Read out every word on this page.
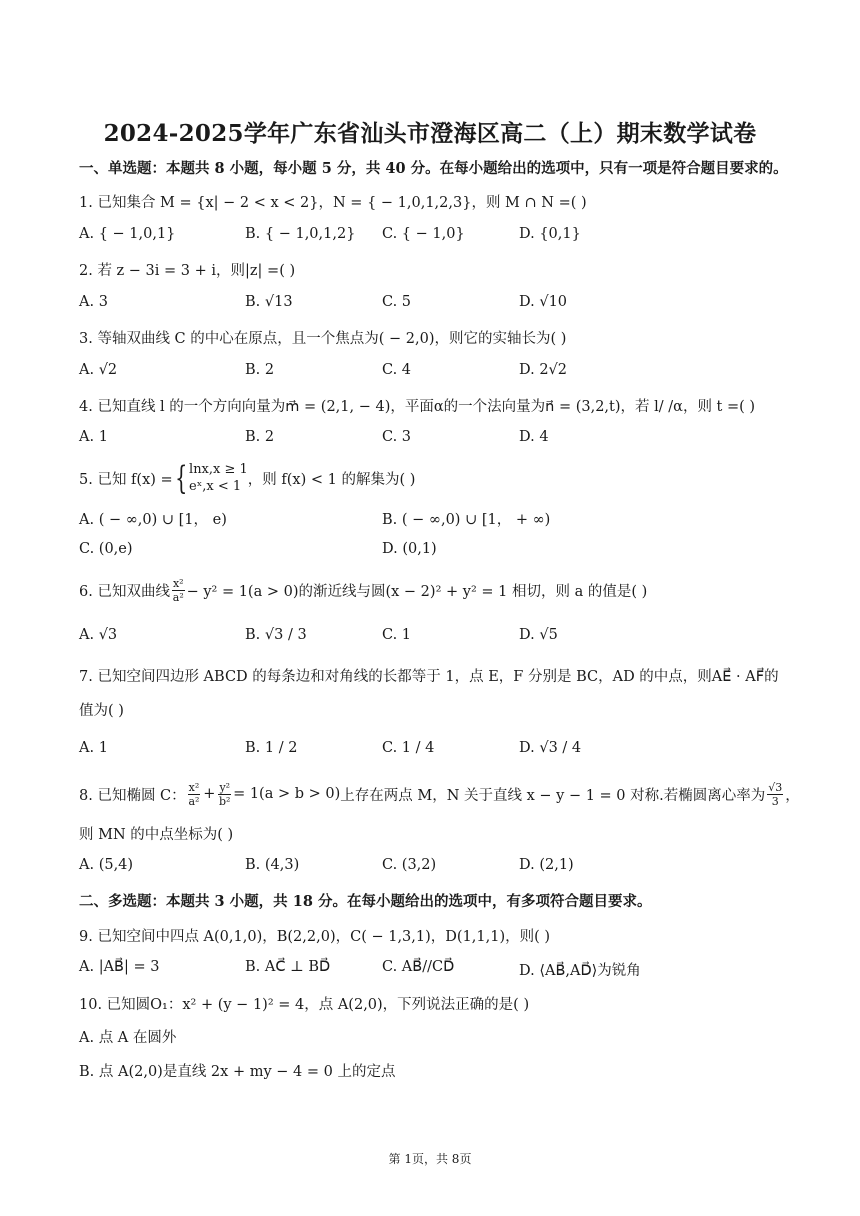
2024-2025学年广东省汕头市澄海区高二（上）期末数学试卷
一、单选题：本题共 8 小题，每小题 5 分，共 40 分。在每小题给出的选项中，只有一项是符合题目要求的。
1. 已知集合 M = {x| − 2 < x < 2}，N = { − 1,0,1,2,3}，则 M ∩ N =( )
A. { − 1,0,1}	B. { − 1,0,1,2} C. { − 1,0}	D. {0,1}
2. 若 z − 3i = 3 + i，则|z| =( )
A. 3	B. √13	C. 5	D. √10
3. 等轴双曲线 C 的中心在原点，且一个焦点为( − 2,0)，则它的实轴长为( )
A. √2	B. 2	C. 4	D. 2√2
4. 已知直线 l 的一个方向向量为m⃗ = (2,1, − 4)，平面α的一个法向量为n⃗ = (3,2,t)，若 l/ /α，则 t =( )
A. 1	B. 2	C. 3	D. 4
5. 已知 f(x) = { lnx,x ≥ 1
eˣ,x < 1 ，则 f(x) < 1 的解集为( )
A. ( − ∞,0) ∪ [1， e)	B. ( − ∞,0) ∪ [1， + ∞)
C. (0,e)	D. (0,1)
6. 已知双曲线 $\frac{\text{x²}}{\text{a²}} - y^2 = 1(a > 0)$的渐近线与圆(x − 2)² + y² = 1 相切，则 a 的值是( )
A. √3	B. √3 / 3	C. 1	D. √5
7. 已知空间四边形 ABCD 的每条边和对角线的长都等于 1，点 E，F 分别是 BC，AD 的中点，则AE⃗ · AF⃗的
值为( )
A. 1	B. 1 / 2	C. 1 / 4	D. √3 / 4
8. 已知椭圆 C： $\frac{\text{x²}}{\text{a²}} + \frac{\text{y²}}{\text{b²}} = 1(a > b > 0)$ 上存在两点 M，N 关于直线 x − y − 1 = 0 对称.若椭圆离心率为 $\frac{√3}{3}$ ，
则 MN 的中点坐标为( )
A. (5,4)	B. (4,3)	C. (3,2)	D. (2,1)
二、多选题：本题共 3 小题，共 18 分。在每小题给出的选项中，有多项符合题目要求。
9. 已知空间中四点 A(0,1,0)，B(2,2,0)，C( − 1,3,1)，D(1,1,1)，则( )
A. |AB⃗| = 3	B. AC⃗ ⊥ BD⃗	C. AB⃗//CD⃗	D. ⟨AB⃗,AD⃗⟩为锐角
10. 已知圆O₁：x² + (y − 1)² = 4，点 A(2,0)，下列说法正确的是( )
A. 点 A 在圆外
B. 点 A(2,0)是直线 2x + my − 4 = 0 上的定点
第 1页，共 8页
